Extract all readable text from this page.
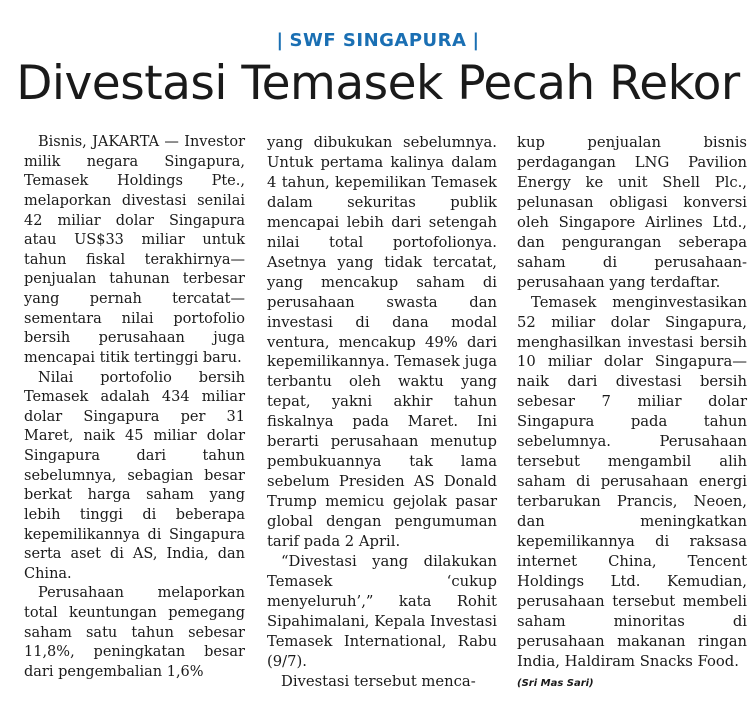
| SWF SINGAPURA |
Divestasi Temasek Pecah Rekor

Bisnis, JAKARTA — Investor milik negara Singapura, Temasek Holdings Pte., melaporkan divestasi senilai 42 miliar dolar Singapura atau US$33 miliar untuk tahun fiskal terakhirnya—penjualan tahunan terbesar yang pernah tercatat—sementara nilai portofolio bersih perusahaan juga mencapai titik tertinggi baru.

Nilai portofolio bersih Temasek adalah 434 miliar dolar Singapura per 31 Maret, naik 45 miliar dolar Singapura dari tahun sebelumnya, sebagian besar berkat harga saham yang lebih tinggi di beberapa kepemilikannya di Singapura serta aset di AS, India, dan China.

Perusahaan melaporkan total keuntungan pemegang saham satu tahun sebesar 11,8%, peningkatan besar dari pengembalian 1,6%

yang dibukukan sebelumnya. Untuk pertama kalinya dalam 4 tahun, kepemilikan Temasek dalam sekuritas publik mencapai lebih dari setengah nilai total portofolionya. Asetnya yang tidak tercatat, yang mencakup saham di perusahaan swasta dan investasi di dana modal ventura, mencakup 49% dari kepemilikannya. Temasek juga terbantu oleh waktu yang tepat, yakni akhir tahun fiskalnya pada Maret. Ini berarti perusahaan menutup pembukuannya tak lama sebelum Presiden AS Donald Trump memicu gejolak pasar global dengan pengumuman tarif pada 2 April.

“Divestasi yang dilakukan Temasek ‘cukup menyeluruh’,” kata Rohit Sipahimalani, Kepala Investasi Temasek International, Rabu (9/7).

Divestasi tersebut menca-

kup penjualan bisnis perdagangan LNG Pavilion Energy ke unit Shell Plc., pelunasan obligasi konversi oleh Singapore Airlines Ltd., dan pengurangan seberapa saham di perusahaan-perusahaan yang terdaftar.

Temasek menginvestasikan 52 miliar dolar Singapura, menghasilkan investasi bersih 10 miliar dolar Singapura—naik dari divestasi bersih sebesar 7 miliar dolar Singapura pada tahun sebelumnya. Perusahaan tersebut mengambil alih saham di perusahaan energi terbarukan Prancis, Neoen, dan meningkatkan kepemilikannya di raksasa internet China, Tencent Holdings Ltd. Kemudian, perusahaan tersebut membeli saham minoritas di perusahaan makanan ringan India, Haldiram Snacks Food.

(Sri Mas Sari)
